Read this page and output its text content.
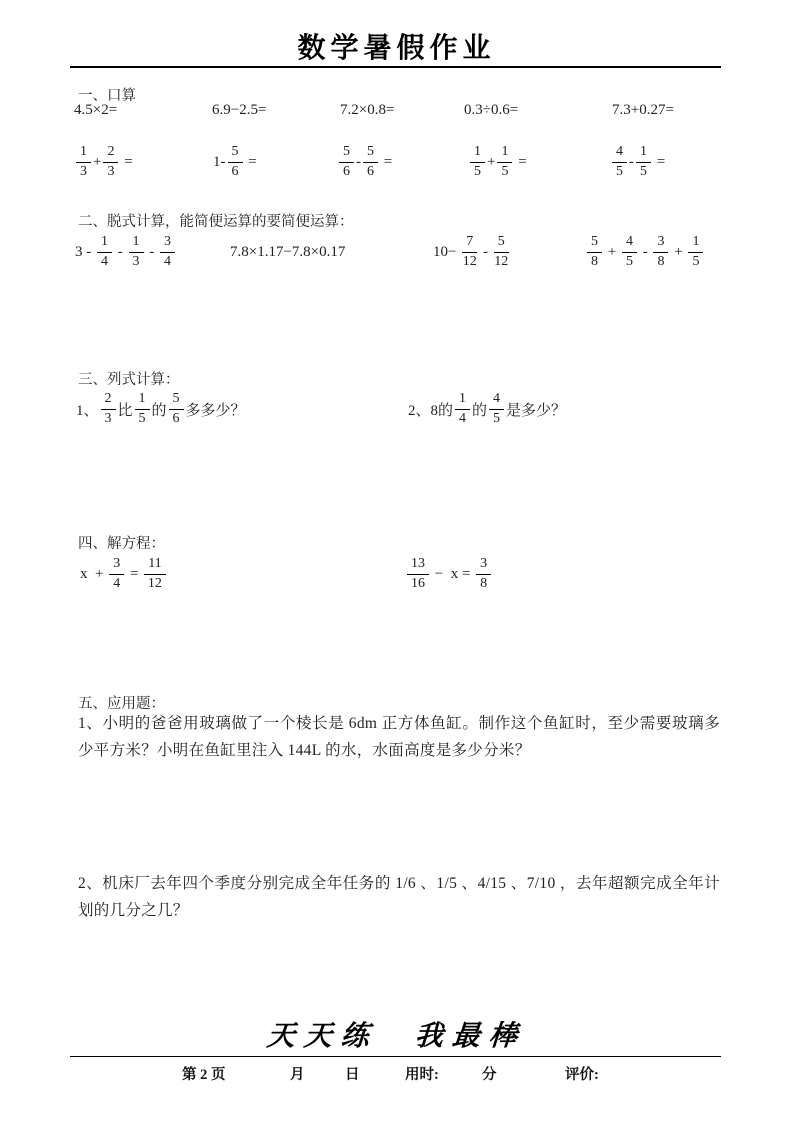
数学暑假作业
一、口算
4.5×2=	6.9−2.5=	7.2×0.8=	0.3÷0.6=	7.3+0.27=
$\frac{1}{3} + \frac{2}{3}$ =	$1- \frac{5}{6}$ =	$\frac{5}{6} - \frac{5}{6}$ =	$\frac{1}{5} + \frac{1}{5}$ =	$\frac{4}{5} - \frac{1}{5}$ =
二、脱式计算，能简便运算的要简便运算：
$3 - \frac{1}{4} - \frac{1}{3} - \frac{3}{4}$	7.8×1.17−7.8×0.17	$10- \frac{7}{12} - \frac{5}{12}$	$\frac{5}{8} + \frac{4}{5} - \frac{3}{8} + \frac{1}{5}$
三、列式计算：
1、 $\frac{2}{3}$ 比 $\frac{1}{5}$ 的 $\frac{5}{6}$ 多多少？	2、8的 $\frac{1}{4}$ 的 $\frac{4}{5}$ 是多少？
四、解方程：
$x + \frac{3}{4} = \frac{11}{12}$	$\frac{13}{16} - x = \frac{3}{8}$
五、应用题：
1、小明的爸爸用玻璃做了一个棱长是 6dm 正方体鱼缸。制作这个鱼缸时，至少需要玻璃多少平方米？小明在鱼缸里注入 144L 的水，水面高度是多少分米？
2、机床厂去年四个季度分别完成全年任务的 1/6 、1/5 、4/15 、7/10 ，去年超额完成全年计划的几分之几？
天天练　我最棒
第 2 页	月	日	用时:	分	评价:
